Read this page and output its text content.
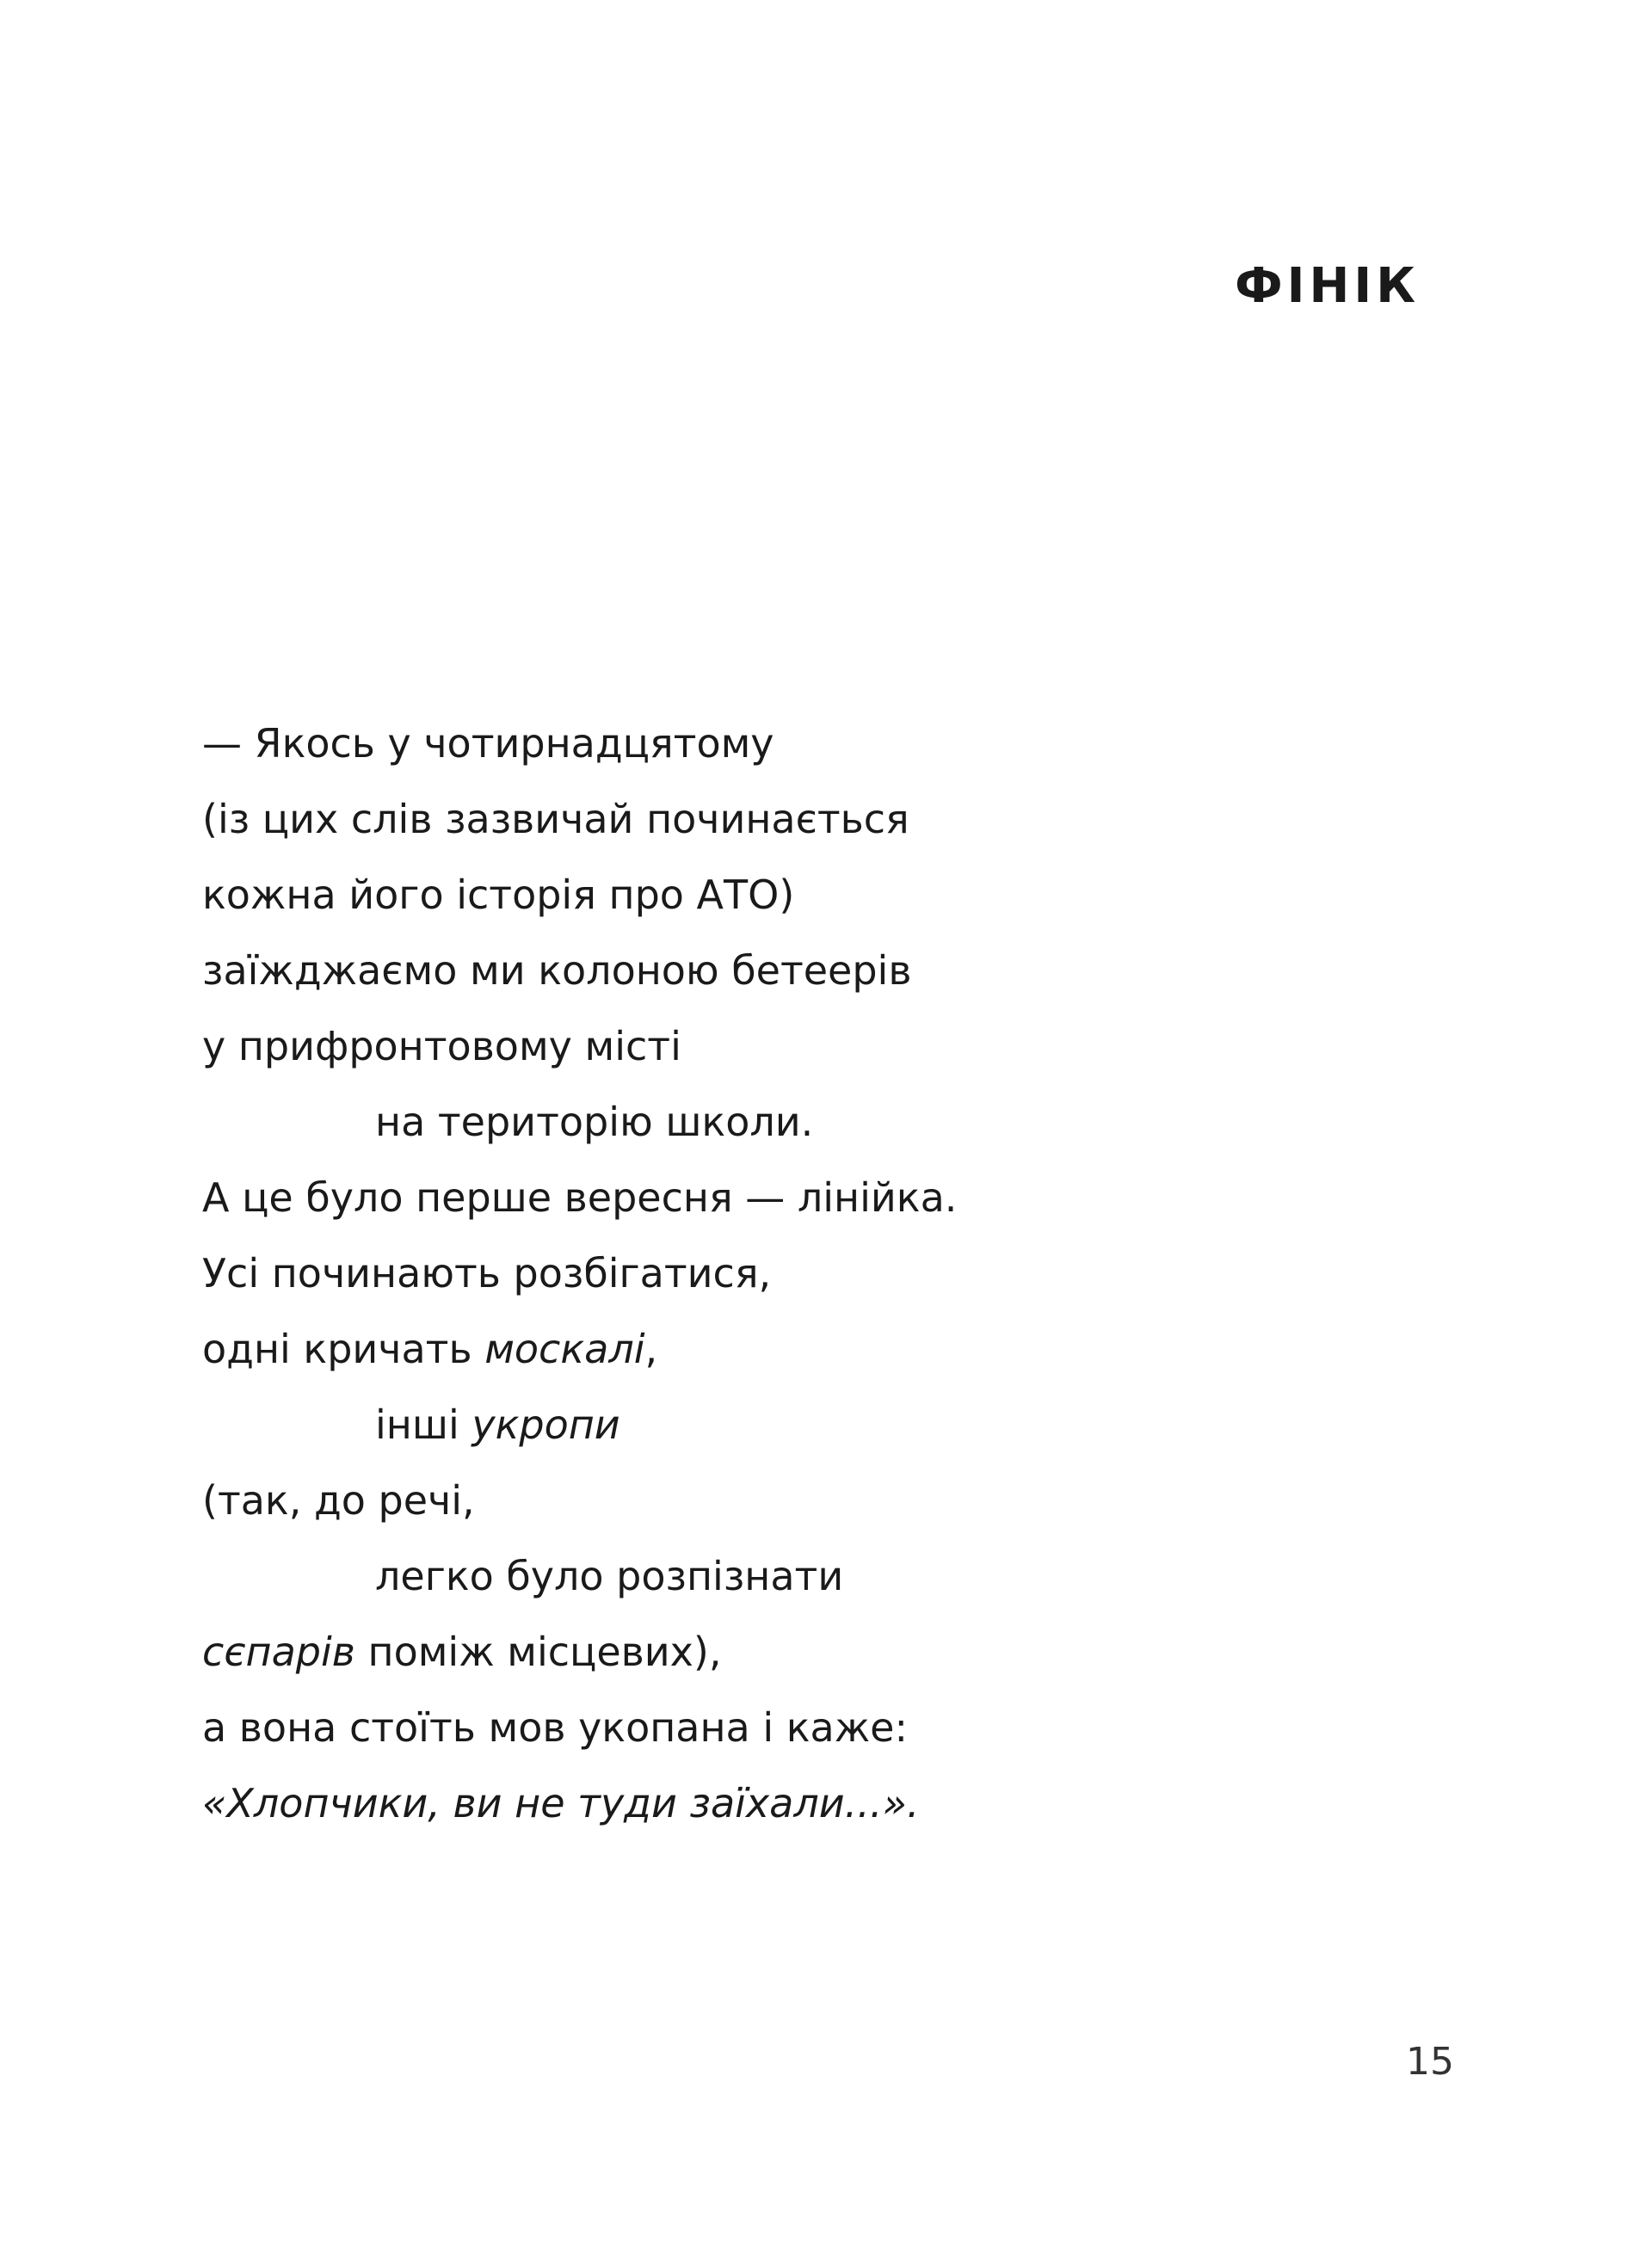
ФІНІК
— Якось у чотирнадцятому
(із цих слів зазвичай починається
кожна його історія про АТО)
заїжджаємо ми колоною бетеерів
у прифронтовому місті
на територію школи.
А це було перше вересня — лінійка.
Усі починають розбігатися,
одні кричать москалі,
інші укропи
(так, до речі,
легко було розпізнати
сєпарів поміж місцевих),
а вона стоїть мов укопана і каже:
«Хлопчики, ви не туди заїхали...».
15
